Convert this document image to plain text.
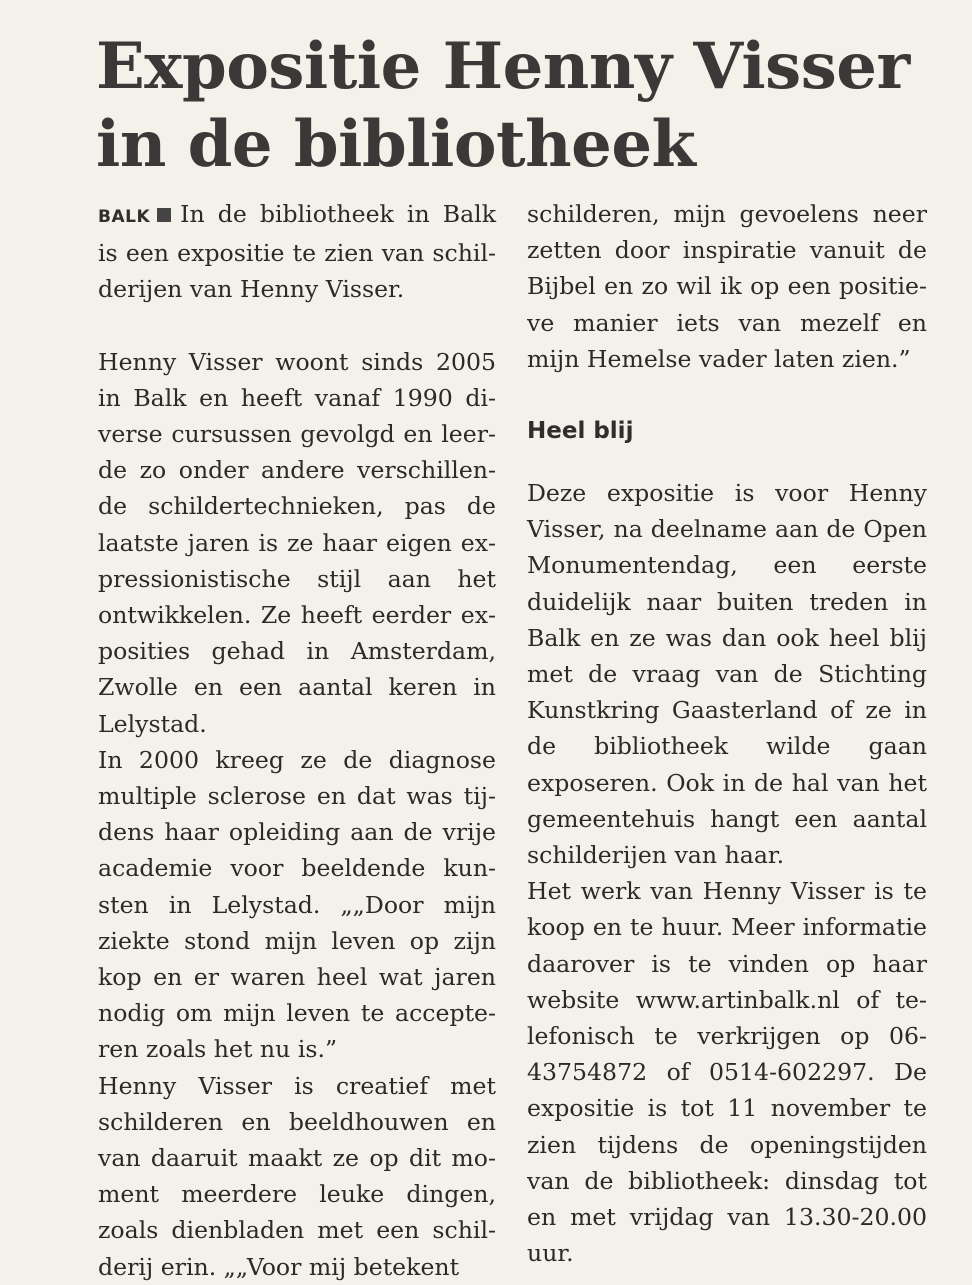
Expositie Henny Visser in de bibliotheek

BALK In de bibliotheek in Balk is een expositie te zien van schilderijen van Henny Visser.

Henny Visser woont sinds 2005 in Balk en heeft vanaf 1990 diverse cursussen gevolgd en leerde zo onder andere verschillende schildertechnieken, pas de laatste jaren is ze haar eigen expressionistische stijl aan het ontwikkelen. Ze heeft eerder exposities gehad in Amsterdam, Zwolle en een aantal keren in Lelystad.

In 2000 kreeg ze de diagnose multiple sclerose en dat was tijdens haar opleiding aan de vrije academie voor beeldende kunsten in Lelystad. „„Door mijn ziekte stond mijn leven op zijn kop en er waren heel wat jaren nodig om mijn leven te accepteren zoals het nu is.”

Henny Visser is creatief met schilderen en beeldhouwen en van daaruit maakt ze op dit moment meerdere leuke dingen, zoals dienbladen met een schilderij erin. „„Voor mij betekent

schilderen, mijn gevoelens neer zetten door inspiratie vanuit de Bijbel en zo wil ik op een positieve manier iets van mezelf en mijn Hemelse vader laten zien.”

Heel blij

Deze expositie is voor Henny Visser, na deelname aan de Open Monumentendag, een eerste duidelijk naar buiten treden in Balk en ze was dan ook heel blij met de vraag van de Stichting Kunstkring Gaasterland of ze in de bibliotheek wilde gaan exposeren. Ook in de hal van het gemeentehuis hangt een aantal schilderijen van haar.

Het werk van Henny Visser is te koop en te huur. Meer informatie daarover is te vinden op haar website www.artinbalk.nl of telefonisch te verkrijgen op 06-43754872 of 0514-602297. De expositie is tot 11 november te zien tijdens de openingstijden van de bibliotheek: dinsdag tot en met vrijdag van 13.30-20.00 uur.
